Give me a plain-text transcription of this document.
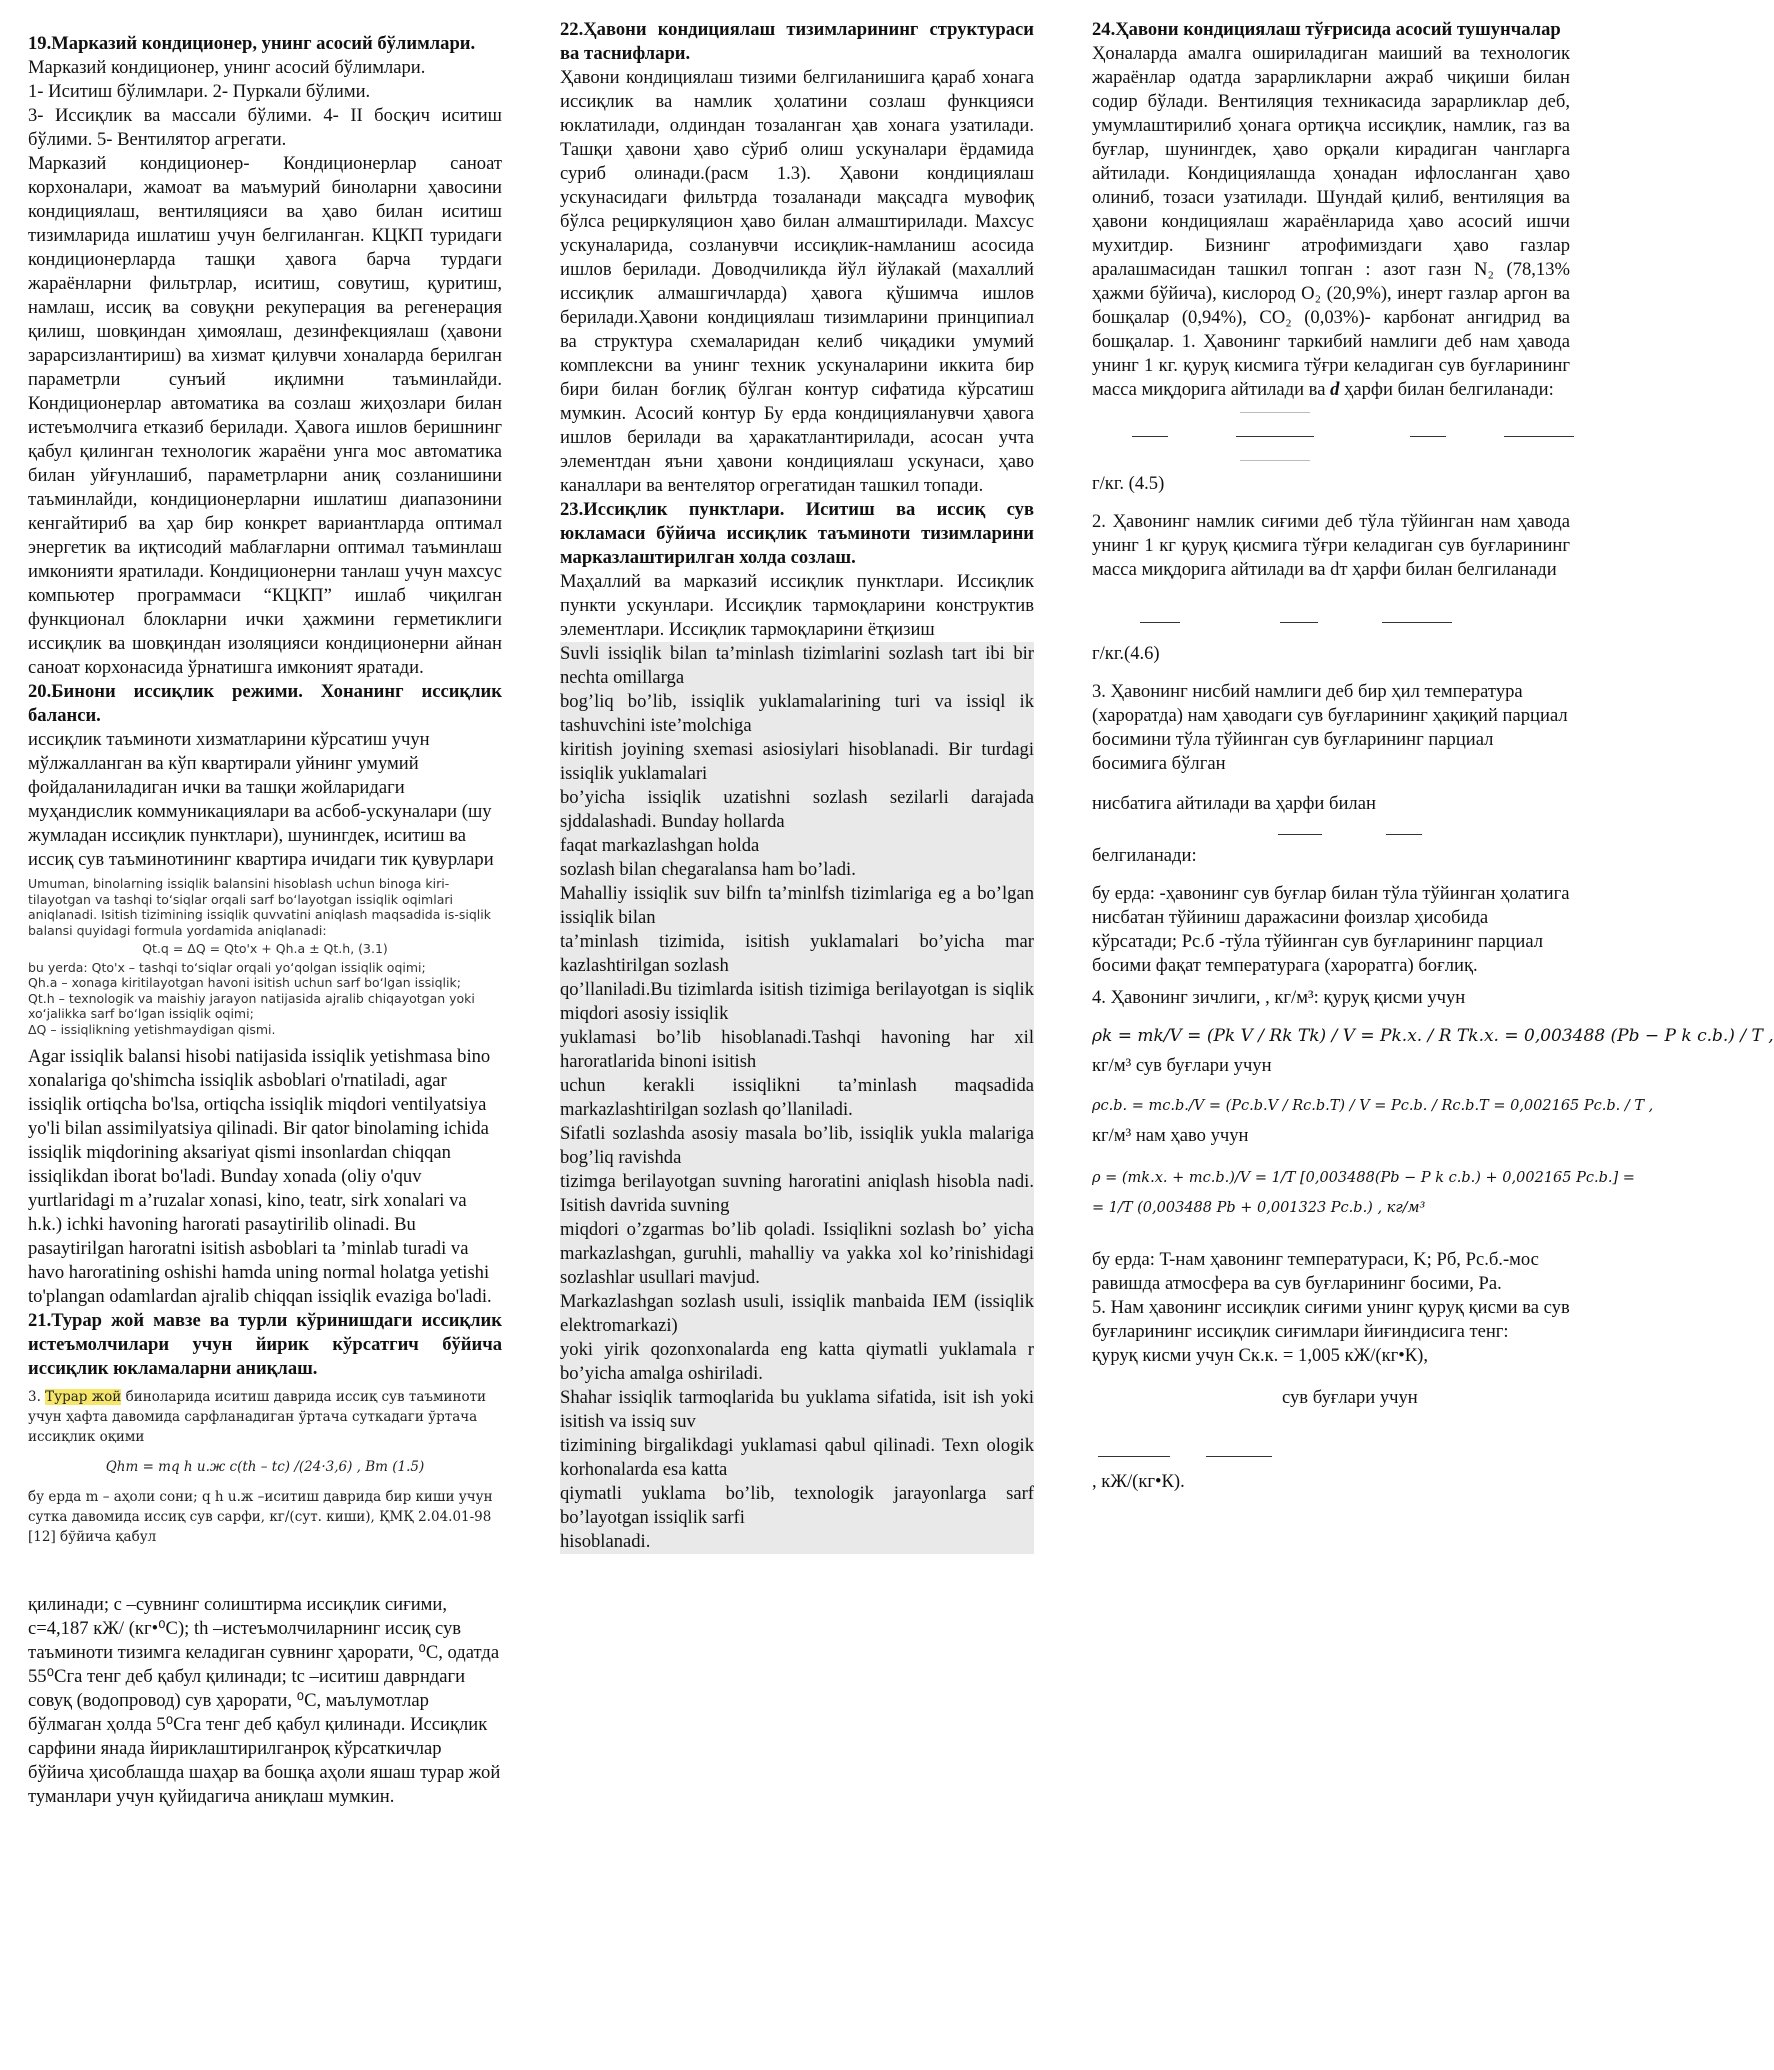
19.Марказий кондиционер, унинг асосий бўлимлари.

Марказий кондиционер, унинг асосий бўлимлари.

1- Иситиш бўлимлари. 2- Пуркали бўлими.

3- Иссиқлик ва массали бўлими. 4- II босқич иситиш бўлими. 5- Вентилятор агрегати.

Марказий кондиционер- Кондиционерлар саноат корхоналари, жамоат ва маъмурий биноларни ҳавосини кондициялаш, вентиляцияси ва ҳаво билан иситиш тизимларида ишлатиш учун белгиланган. КЦКП туридаги кондиционерларда ташқи ҳавога барча турдаги жараёнларни фильтрлар, иситиш, совутиш, қуритиш, намлаш, иссиқ ва совуқни рекуперация ва регенерация қилиш, шовқиндан ҳимоялаш, дезинфекциялаш (ҳавони зарарсизлантириш) ва хизмат қилувчи хоналарда берилган параметрли сунъий иқлимни таъминлайди. Кондиционерлар автоматика ва созлаш жиҳозлари билан истеъмолчига етказиб берилади. Ҳавога ишлов беришнинг қабул қилинган технологик жараёни унга мос автоматика билан уйғунлашиб, параметрларни аниқ созланишини таъминлайди, кондиционерларни ишлатиш диапазонини кенгайтириб ва ҳар бир конкрет вариантларда оптимал энергетик ва иқтисодий маблағларни оптимал таъминлаш имконияти яратилади. Кондиционерни танлаш учун махсус компьютер программаси “КЦКП” ишлаб чиқилган функционал блокларни ички ҳажмини герметиклиги иссиқлик ва шовқиндан изоляцияси кондиционерни айнан саноат корхонасида ўрнатишга имконият яратади.

20.Бинони иссиқлик режими. Хонанинг иссиқлик баланси.

иссиқлик таъминоти хизматларини кўрсатиш учун мўлжалланган ва кўп квартирали уйнинг умумий фойдаланиладиган ички ва ташқи жойларидаги муҳандислик коммуникациялари ва асбоб-ускуналари (шу жумладан иссиқлик пунктлари), шунингдек, иситиш ва иссиқ сув таъминотининг квартира ичидаги тик қувурлари

Umuman, binolarning issiqlik balansini hisoblash uchun binoga kiri-tilayotgan va tashqi toʻsiqlar orqali sarf boʻlayotgan issiqlik oqimlari aniqlanadi. Isitish tizimining issiqlik quvvatini aniqlash maqsadida is-siqlik balansi quyidagi formula yordamida aniqlanadi:
Qt.q = ΔQ = Qto'x + Qh.a ± Qt.h, (3.1)
bu yerda: Qto'x – tashqi toʻsiqlar orqali yoʻqolgan issiqlik oqimi;
Qh.a – xonaga kiritilayotgan havoni isitish uchun sarf boʻlgan issiqlik;
Qt.h – texnologik va maishiy jarayon natijasida ajralib chiqayotgan yoki xoʻjalikka sarf boʻlgan issiqlik oqimi;
ΔQ – issiqlikning yetishmaydigan qismi.

Agar issiqlik balansi hisobi natijasida issiqlik yetishmasa bino xonalariga qo'shimcha issiqlik asboblari o'rnatiladi, agar issiqlik ortiqcha bo'lsa, ortiqcha issiqlik miqdori ventilyatsiya yo'li bilan assimilyatsiya qilinadi. Bir qator binolaming ichida issiqlik miqdorining aksariyat qismi insonlardan chiqqan issiqlikdan iborat bo'ladi. Bunday xonada (oliy o'quv yurtlaridagi m a’ruzalar xonasi, kino, teatr, sirk xonalari va h.k.) ichki havoning harorati pasaytirilib olinadi. Bu pasaytirilgan haroratni isitish asboblari ta ’minlab turadi va havo haroratining oshishi hamda uning normal holatga yetishi to'plangan odamlardan ajralib chiqqan issiqlik evaziga bo'ladi.

21.Турар жой мавзе ва турли кўринишдаги иссиқлик истеъмолчилари учун йирик кўрсатгич бўйича иссиқлик юкламаларни аниқлаш.

3. Турар жой биноларида иситиш даврида иссиқ сув таъминоти учун ҳафта давомида сарфланадиган ўртача суткадаги ўртача иссиқлик оқими
Qhm = mq h u.ж c(th – tc) /(24·3,6) , Вт (1.5)
бу ерда m – аҳоли сони; q h u.ж –иситиш даврида бир киши учун сутка давомида иссиқ сув сарфи, кг/(сут. киши), ҚМҚ 2.04.01-98 [12] бўйича қабул

қилинади; c –сувнинг солиштирма иссиқлик сиғими, c=4,187 кЖ/ (кг•⁰C); th –истеъмолчиларнинг иссиқ сув таъминоти тизимга келадиган сувнинг ҳарорати, ⁰C, одатда 55⁰Cга тенг деб қабул қилинади; tc –иситиш даврндаги совуқ (водопровод) сув ҳарорати, ⁰C, маълумотлар бўлмаган ҳолда 5⁰Cга тенг деб қабул қилинади. Иссиқлик сарфини янада йириклаштирилганроқ кўрсаткичлар бўйича ҳисоблашда шаҳар ва бошқа аҳоли яшаш турар жой туманлари учун қуйидагича аниқлаш мумкин.

22.Ҳавони кондициялаш тизимларининг структураси ва таснифлари.

Ҳавони кондициялаш тизими белгиланишига қараб хонага иссиқлик ва намлик ҳолатини созлаш функцияси юклатилади, олдиндан тозаланган ҳав хонага узатилади. Ташқи ҳавони ҳаво сўриб олиш ускуналари ёрдамида суриб олинади.(расм 1.3). Ҳавони кондициялаш ускунасидаги фильтрда тозаланади мақсадга мувофиқ бўлса рециркуляцион ҳаво билан алмаштирилади. Махсус ускуналарида, созланувчи иссиқлик-намланиш асосида ишлов берилади. Доводчиликда йўл йўлакай (махаллий иссиқлик алмашгичларда) ҳавога қўшимча ишлов берилади.Ҳавони кондициялаш тизимларини принципиал ва структура схемаларидан келиб чиқадики умумий комплексни ва унинг техник ускуналарини иккита бир бири билан боғлиқ бўлган контур сифатида кўрсатиш мумкин. Асосий контур Бу ерда кондицияланувчи ҳавога ишлов берилади ва ҳаракатлантирилади, асосан учта элементдан яъни ҳавони кондициялаш ускунаси, ҳаво каналлари ва вентелятор огрегатидан ташкил топади.

23.Иссиқлик пунктлари. Иситиш ва иссиқ сув юкламаси бўйича иссиқлик таъминоти тизимларини марказлаштирилган холда созлаш.

Маҳаллий ва марказий иссиқлик пунктлари. Иссиқлик пункти ускунлари. Иссиқлик тармоқларини конструктив элементлари. Иссиқлик тармоқларини ётқизиш

Suvli issiqlik bilan ta’minlash tizimlarini sozlash tart ibi bir nechta omillarga

bog’liq bo’lib, issiqlik yuklamalarining turi va issiql ik tashuvchini iste’molchiga

kiritish joyining sxemasi asiosiylari hisoblanadi. Bir turdagi issiqlik yuklamalari

bo’yicha issiqlik uzatishni sozlash sezilarli darajada sjddalashadi. Bunday hollarda

faqat markazlashgan holda

sozlash bilan chegaralansa ham bo’ladi.

Mahalliy issiqlik suv bilfn ta’minlfsh tizimlariga eg a bo’lgan issiqlik bilan

ta’minlash tizimida, isitish yuklamalari bo’yicha mar kazlashtirilgan sozlash

qo’llaniladi.Bu tizimlarda isitish tizimiga berilayotgan is siqlik miqdori asosiy issiqlik

yuklamasi bo’lib hisoblanadi.Tashqi havoning har xil haroratlarida binoni isitish

uchun kerakli issiqlikni ta’minlash maqsadida markazlashtirilgan sozlash qo’llaniladi.

Sifatli sozlashda asosiy masala bo’lib, issiqlik yukla malariga bog’liq ravishda

tizimga berilayotgan suvning haroratini aniqlash hisobla nadi. Isitish davrida suvning

miqdori o’zgarmas bo’lib qoladi. Issiqlikni sozlash bo’ yicha markazlashgan, guruhli, mahalliy va yakka xol ko’rinishidagi sozlashlar usullari mavjud.

Markazlashgan sozlash usuli, issiqlik manbaida IEM (issiqlik elektromarkazi)

yoki yirik qozonxonalarda eng katta qiymatli yuklamala r bo’yicha amalga oshiriladi.

Shahar issiqlik tarmoqlarida bu yuklama sifatida, isit ish yoki isitish va issiq suv

tizimining birgalikdagi yuklamasi qabul qilinadi. Texn ologik korhonalarda esa katta

qiymatli yuklama bo’lib, texnologik jarayonlarga sarf bo’layotgan issiqlik sarfi

hisoblanadi.

24.Ҳавони кондициялаш тўғрисида асосий тушунчалар

Ҳоналарда амалга ошириладиган маиший ва технологик жараёнлар одатда зарарликларни ажраб чиқиши билан содир бўлади. Вентиляция техникасида зарарликлар деб, умумлаштирилиб ҳонага ортиқча иссиқлик, намлик, газ ва буғлар, шунингдек, ҳаво орқали кирадиган чангларга айтилади. Кондициялашда ҳонадан ифлосланган ҳаво олиниб, тозаси узатилади. Шундай қилиб, вентиляция ва ҳавони кондициялаш жараёнларида ҳаво асосий ишчи мухитдир. Бизнинг атрофимиздаги ҳаво газлар аралашмасидан ташкил топган : азот газн N₂ (78,13% ҳажми бўйича), кислород O₂ (20,9%), инерт газлар аргон ва бошқалар (0,94%), CO₂ (0,03%)- карбонат ангидрид ва бошқалар. 1. Ҳавонинг таркибий намлиги деб нам ҳавода унинг 1 кг. қуруқ кисмига тўғри келадиган сув буғларининг масса миқдорига айтилади ва d ҳарфи билан белгиланади:

г/кг. (4.5)

2. Ҳавонинг намлик сиғими деб тўла тўйинган нам ҳавода унинг 1 кг қуруқ қисмига тўғри келадиган сув буғларининг масса миқдорига айтилади ва dт ҳарфи билан белгиланади

г/кг.(4.6)

3. Ҳавонинг нисбий намлиги деб бир ҳил температура (хароратда) нам ҳаводаги сув буғларининг ҳақиқий парциал босимини тўла тўйинган сув буғларининг парциал босимига бўлган

нисбатига айтилади ва ҳарфи билан

белгиланади:

бу ерда: -ҳавонинг сув буғлар билан тўла тўйинган ҳолатига нисбатан тўйиниш даражасини фоизлар ҳисобида кўрсатади; Pс.б -тўла тўйинган сув буғларининг парциал босими фақат температурага (хароратга) боғлиқ.

4. Ҳавонинг зичлиги, , кг/м³: қуруқ қисми учун

ρk = mk/V = (Pk V / Rk Tk) / V = Pk.x. / R Tk.x. = 0,003488 (Pb − P k c.b.) / T ,

кг/м³ сув буғлари учун

ρc.b. = mc.b./V = (Pc.b.V / Rc.b.T) / V = Pc.b. / Rc.b.T = 0,002165 Pc.b. / T ,

кг/м³ нам ҳаво учун

ρ = (mk.x. + mc.b.)/V = 1/T [0,003488(Pb − P k c.b.) + 0,002165 Pc.b.] =
= 1/T (0,003488 Pb + 0,001323 Pc.b.) , кг/м³

бу ерда: T-нам ҳавонинг температураси, K; Pб, Pс.б.-мос равишда атмосфера ва сув буғларининг босими, Pa.

5. Нам ҳавонинг иссиқлик сиғими унинг қуруқ қисми ва сув буғларининг иссиқлик сиғимлари йиғиндисига тенг:

қуруқ кисми учун Cк.к. = 1,005 кЖ/(кг•К),

сув буғлари учун

, кЖ/(кг•К).
